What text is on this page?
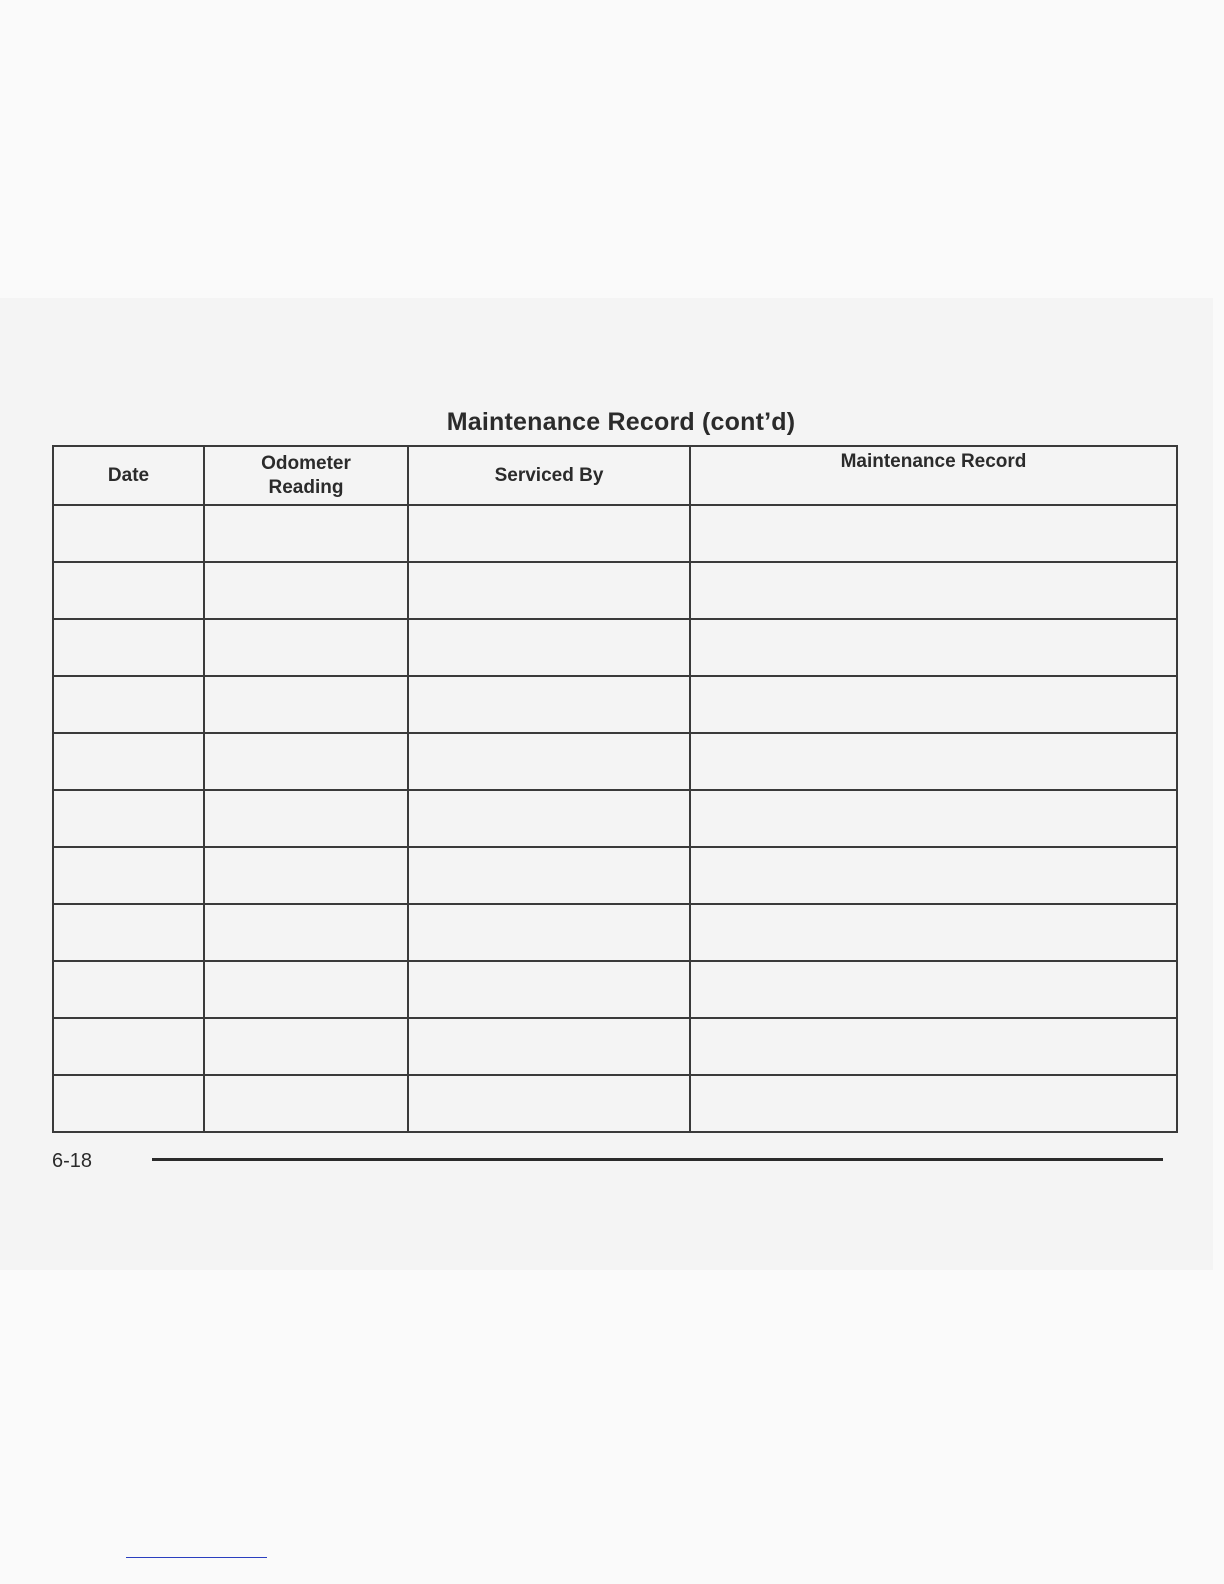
Maintenance Record (cont’d)
Date	Odometer Reading	Serviced By	Maintenance Record

6-18
